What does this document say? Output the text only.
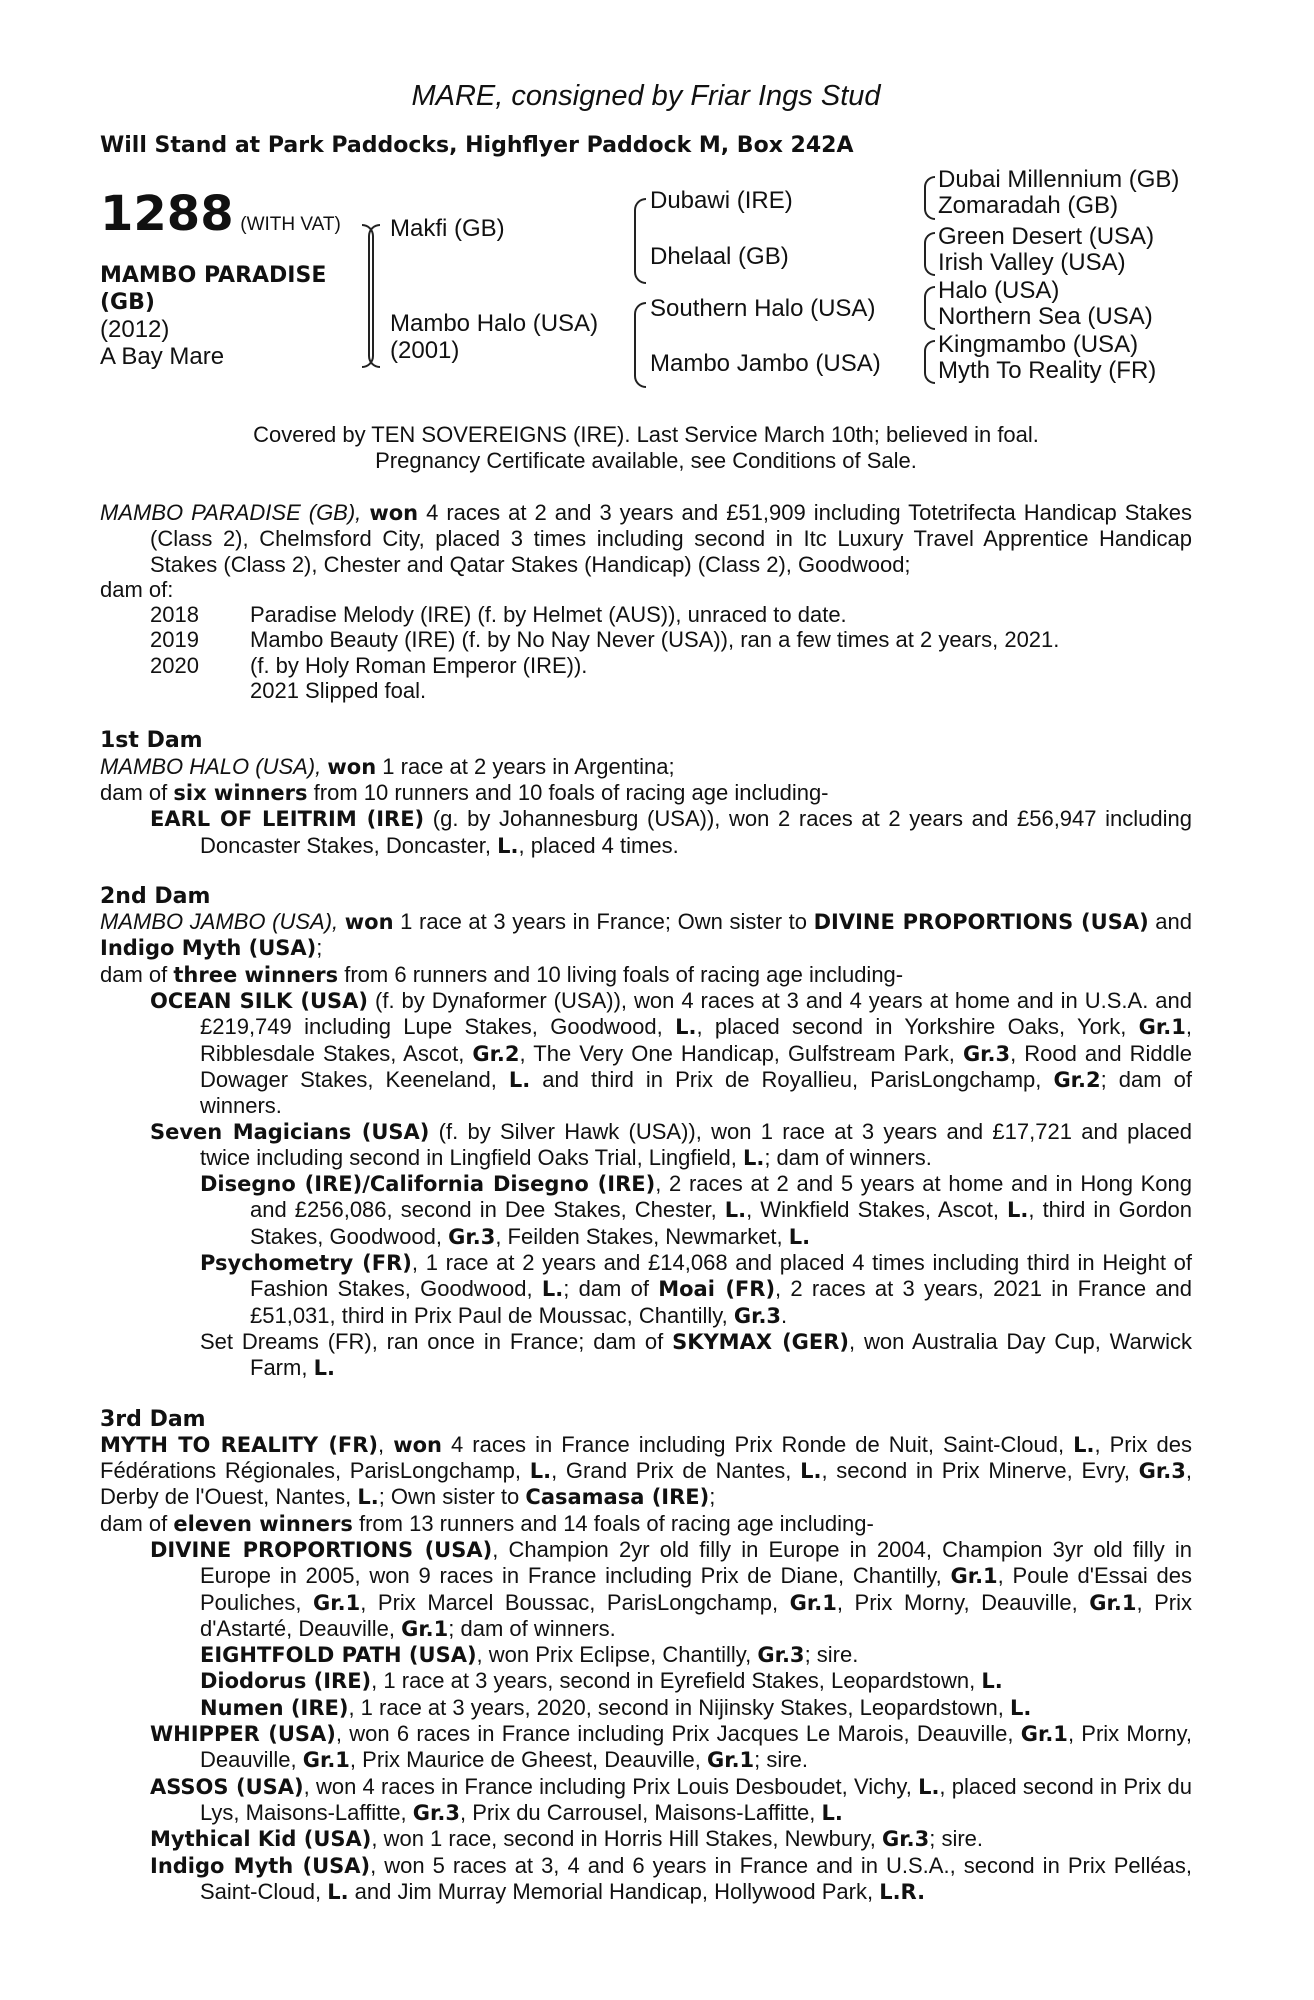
MARE, consigned by Friar Ings Stud
Will Stand at Park Paddocks, Highflyer Paddock M, Box 242A
1288 (WITH VAT)
MAMBO PARADISE
(GB)
(2012)
A Bay Mare
Makfi (GB)
Mambo Halo (USA)
(2001)
Dubawi (IRE)
Dhelaal (GB)
Southern Halo (USA)
Mambo Jambo (USA)
Dubai Millennium (GB)
Zomaradah (GB)
Green Desert (USA)
Irish Valley (USA)
Halo (USA)
Northern Sea (USA)
Kingmambo (USA)
Myth To Reality (FR)
Covered by TEN SOVEREIGNS (IRE). Last Service March 10th; believed in foal.
Pregnancy Certificate available, see Conditions of Sale.

MAMBO PARADISE (GB), won 4 races at 2 and 3 years and £51,909 including Totetrifecta Handicap Stakes (Class 2), Chelmsford City, placed 3 times including second in Itc Luxury Travel Apprentice Handicap Stakes (Class 2), Chester and Qatar Stakes (Handicap) (Class 2), Goodwood;

dam of:

2018	Paradise Melody (IRE) (f. by Helmet (AUS)), unraced to date.
2019	Mambo Beauty (IRE) (f. by No Nay Never (USA)), ran a few times at 2 years, 2021.
2020	(f. by Holy Roman Emperor (IRE)).
2021 Slipped foal.
1st Dam

MAMBO HALO (USA), won 1 race at 2 years in Argentina;

dam of six winners from 10 runners and 10 foals of racing age including-

EARL OF LEITRIM (IRE) (g. by Johannesburg (USA)), won 2 races at 2 years and £56,947 including Doncaster Stakes, Doncaster, L., placed 4 times.

2nd Dam

MAMBO JAMBO (USA), won 1 race at 3 years in France; Own sister to DIVINE PROPORTIONS (USA) and Indigo Myth (USA);

dam of three winners from 6 runners and 10 living foals of racing age including-

OCEAN SILK (USA) (f. by Dynaformer (USA)), won 4 races at 3 and 4 years at home and in U.S.A. and £219,749 including Lupe Stakes, Goodwood, L., placed second in Yorkshire Oaks, York, Gr.1, Ribblesdale Stakes, Ascot, Gr.2, The Very One Handicap, Gulfstream Park, Gr.3, Rood and Riddle Dowager Stakes, Keeneland, L. and third in Prix de Royallieu, ParisLongchamp, Gr.2; dam of winners.

Seven Magicians (USA) (f. by Silver Hawk (USA)), won 1 race at 3 years and £17,721 and placed twice including second in Lingfield Oaks Trial, Lingfield, L.; dam of winners.

Disegno (IRE)/California Disegno (IRE), 2 races at 2 and 5 years at home and in Hong Kong and £256,086, second in Dee Stakes, Chester, L., Winkfield Stakes, Ascot, L., third in Gordon Stakes, Goodwood, Gr.3, Feilden Stakes, Newmarket, L.

Psychometry (FR), 1 race at 2 years and £14,068 and placed 4 times including third in Height of Fashion Stakes, Goodwood, L.; dam of Moai (FR), 2 races at 3 years, 2021 in France and £51,031, third in Prix Paul de Moussac, Chantilly, Gr.3.

Set Dreams (FR), ran once in France; dam of SKYMAX (GER), won Australia Day Cup, Warwick Farm, L.

3rd Dam

MYTH TO REALITY (FR), won 4 races in France including Prix Ronde de Nuit, Saint-Cloud, L., Prix des Fédérations Régionales, ParisLongchamp, L., Grand Prix de Nantes, L., second in Prix Minerve, Evry, Gr.3, Derby de l'Ouest, Nantes, L.; Own sister to Casamasa (IRE);

dam of eleven winners from 13 runners and 14 foals of racing age including-

DIVINE PROPORTIONS (USA), Champion 2yr old filly in Europe in 2004, Champion 3yr old filly in Europe in 2005, won 9 races in France including Prix de Diane, Chantilly, Gr.1, Poule d'Essai des Pouliches, Gr.1, Prix Marcel Boussac, ParisLongchamp, Gr.1, Prix Morny, Deauville, Gr.1, Prix d'Astarté, Deauville, Gr.1; dam of winners.

EIGHTFOLD PATH (USA), won Prix Eclipse, Chantilly, Gr.3; sire.

Diodorus (IRE), 1 race at 3 years, second in Eyrefield Stakes, Leopardstown, L.

Numen (IRE), 1 race at 3 years, 2020, second in Nijinsky Stakes, Leopardstown, L.

WHIPPER (USA), won 6 races in France including Prix Jacques Le Marois, Deauville, Gr.1, Prix Morny, Deauville, Gr.1, Prix Maurice de Gheest, Deauville, Gr.1; sire.

ASSOS (USA), won 4 races in France including Prix Louis Desboudet, Vichy, L., placed second in Prix du Lys, Maisons-Laffitte, Gr.3, Prix du Carrousel, Maisons-Laffitte, L.

Mythical Kid (USA), won 1 race, second in Horris Hill Stakes, Newbury, Gr.3; sire.

Indigo Myth (USA), won 5 races at 3, 4 and 6 years in France and in U.S.A., second in Prix Pelléas, Saint-Cloud, L. and Jim Murray Memorial Handicap, Hollywood Park, L.R.
